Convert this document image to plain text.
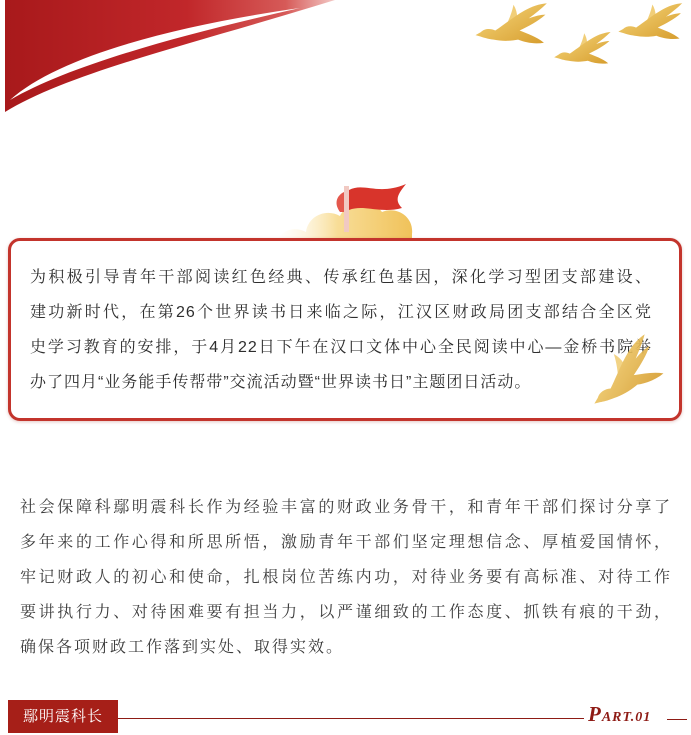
为积极引导青年干部阅读红色经典、传承红色基因，深化学习型团支部建设、
建功新时代，在第26个世界读书日来临之际，江汉区财政局团支部结合全区党
史学习教育的安排，于4月22日下午在汉口文体中心全民阅读中心—金桥书院举
办了四月“业务能手传帮带”交流活动暨“世界读书日”主题团日活动。
社会保障科鄢明震科长作为经验丰富的财政业务骨干，和青年干部们探讨分享了
多年来的工作心得和所思所悟，激励青年干部们坚定理想信念、厚植爱国情怀，
牢记财政人的初心和使命，扎根岗位苦练内功，对待业务要有高标准、对待工作
要讲执行力、对待困难要有担当力，以严谨细致的工作态度、抓铁有痕的干劲，
确保各项财政工作落到实处、取得实效。
鄢明震科长	PART.01
